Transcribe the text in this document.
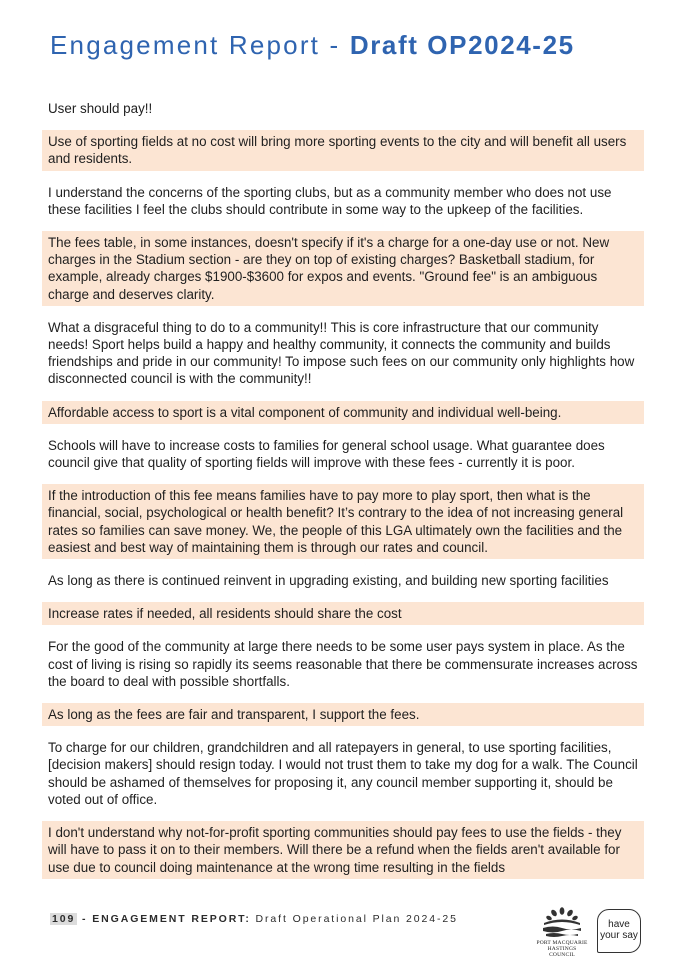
Engagement Report - Draft OP2024-25
User should pay!!
Use of sporting fields at no cost will bring more sporting events to the city and will benefit all users and residents.
I understand the concerns of the sporting clubs, but as a community member who does not use these facilities I feel the clubs should contribute in some way to the upkeep of the facilities.
The fees table, in some instances, doesn't specify if it's a charge for a one-day use or not. New charges in the Stadium section - are they on top of existing charges? Basketball stadium, for example, already charges $1900-$3600 for expos and events. "Ground fee" is an ambiguous charge and deserves clarity.
What a disgraceful thing to do to a community!! This is core infrastructure that our community needs! Sport helps build a happy and healthy community, it connects the community and builds friendships and pride in our community! To impose such fees on our community only highlights how disconnected council is with the community!!
Affordable access to sport is a vital component of community and individual well-being.
Schools will have to increase costs to families for general school usage. What guarantee does council give that quality of sporting fields will improve with these fees - currently it is poor.
If the introduction of this fee means families have to pay more to play sport, then what is the financial, social, psychological or health benefit? It’s contrary to the idea of not increasing general rates so families can save money. We, the people of this LGA ultimately own the facilities and the easiest and best way of maintaining them is through our rates and council.
As long as there is continued reinvent in upgrading existing, and building new sporting facilities
Increase rates if needed, all residents should share the cost
For the good of the community at large there needs to be some user pays system in place. As the cost of living is rising so rapidly its seems reasonable that there be commensurate increases across the board to deal with possible shortfalls.
As long as the fees are fair and transparent, I support the fees.
To charge for our children, grandchildren and all ratepayers in general, to use sporting facilities, [decision makers] should resign today. I would not trust them to take my dog for a walk. The Council should be ashamed of themselves for proposing it, any council member supporting it, should be voted out of office.
I don't understand why not-for-profit sporting communities should pay fees to use the fields - they will have to pass it on to their members. Will there be a refund when the fields aren't available for use due to council doing maintenance at the wrong time resulting in the fields
109 - ENGAGEMENT REPORT: Draft Operational Plan 2024-25
PORT MACQUARIE
HASTINGS COUNCIL
have
your say
